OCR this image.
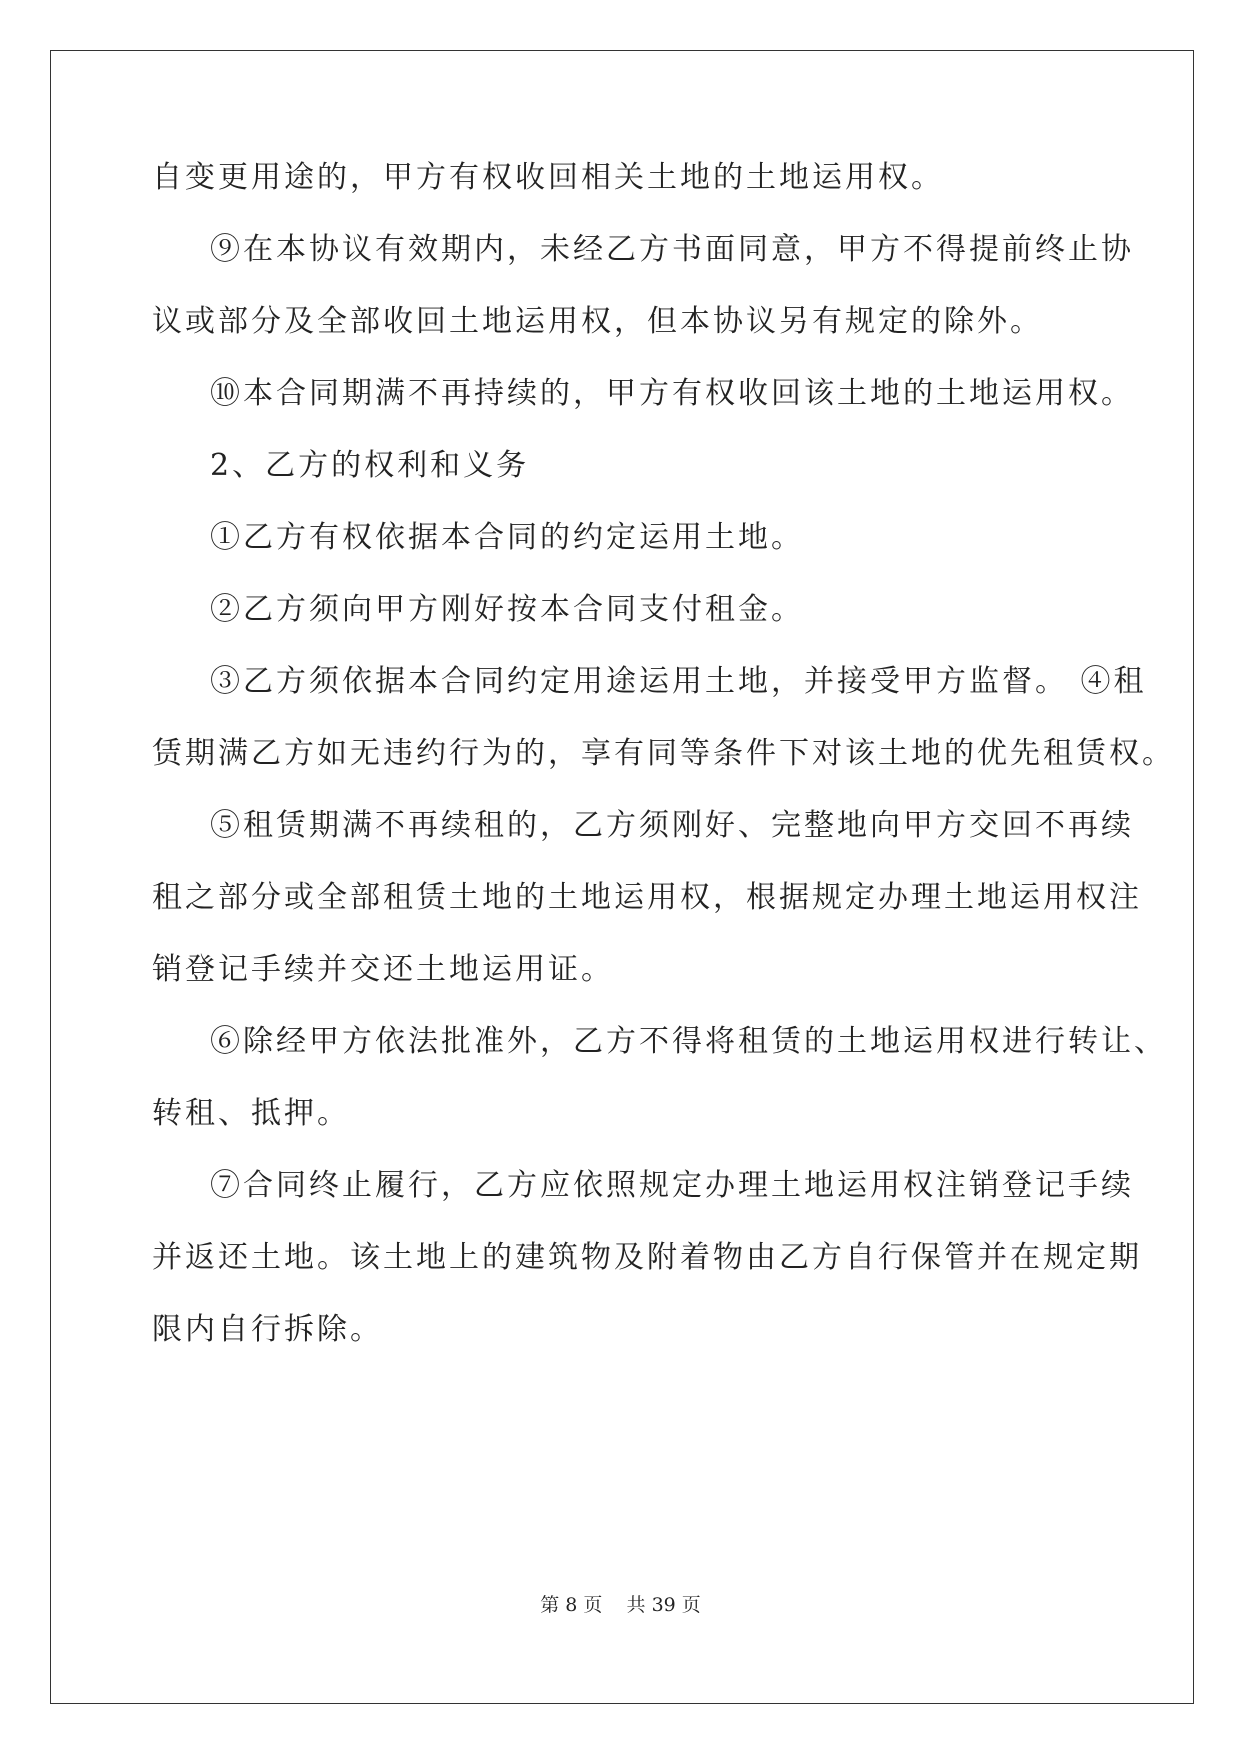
自变更用途的，甲方有权收回相关土地的土地运用权。
⑨在本协议有效期内，未经乙方书面同意，甲方不得提前终止协
议或部分及全部收回土地运用权，但本协议另有规定的除外。
⑩本合同期满不再持续的，甲方有权收回该土地的土地运用权。
2、乙方的权利和义务
①乙方有权依据本合同的约定运用土地。
②乙方须向甲方刚好按本合同支付租金。
③乙方须依据本合同约定用途运用土地，并接受甲方监督。 ④租
赁期满乙方如无违约行为的，享有同等条件下对该土地的优先租赁权。
⑤租赁期满不再续租的，乙方须刚好、完整地向甲方交回不再续
租之部分或全部租赁土地的土地运用权，根据规定办理土地运用权注
销登记手续并交还土地运用证。
⑥除经甲方依法批准外，乙方不得将租赁的土地运用权进行转让、
转租、抵押。
⑦合同终止履行，乙方应依照规定办理土地运用权注销登记手续
并返还土地。该土地上的建筑物及附着物由乙方自行保管并在规定期
限内自行拆除。
第 8 页    共 39 页
